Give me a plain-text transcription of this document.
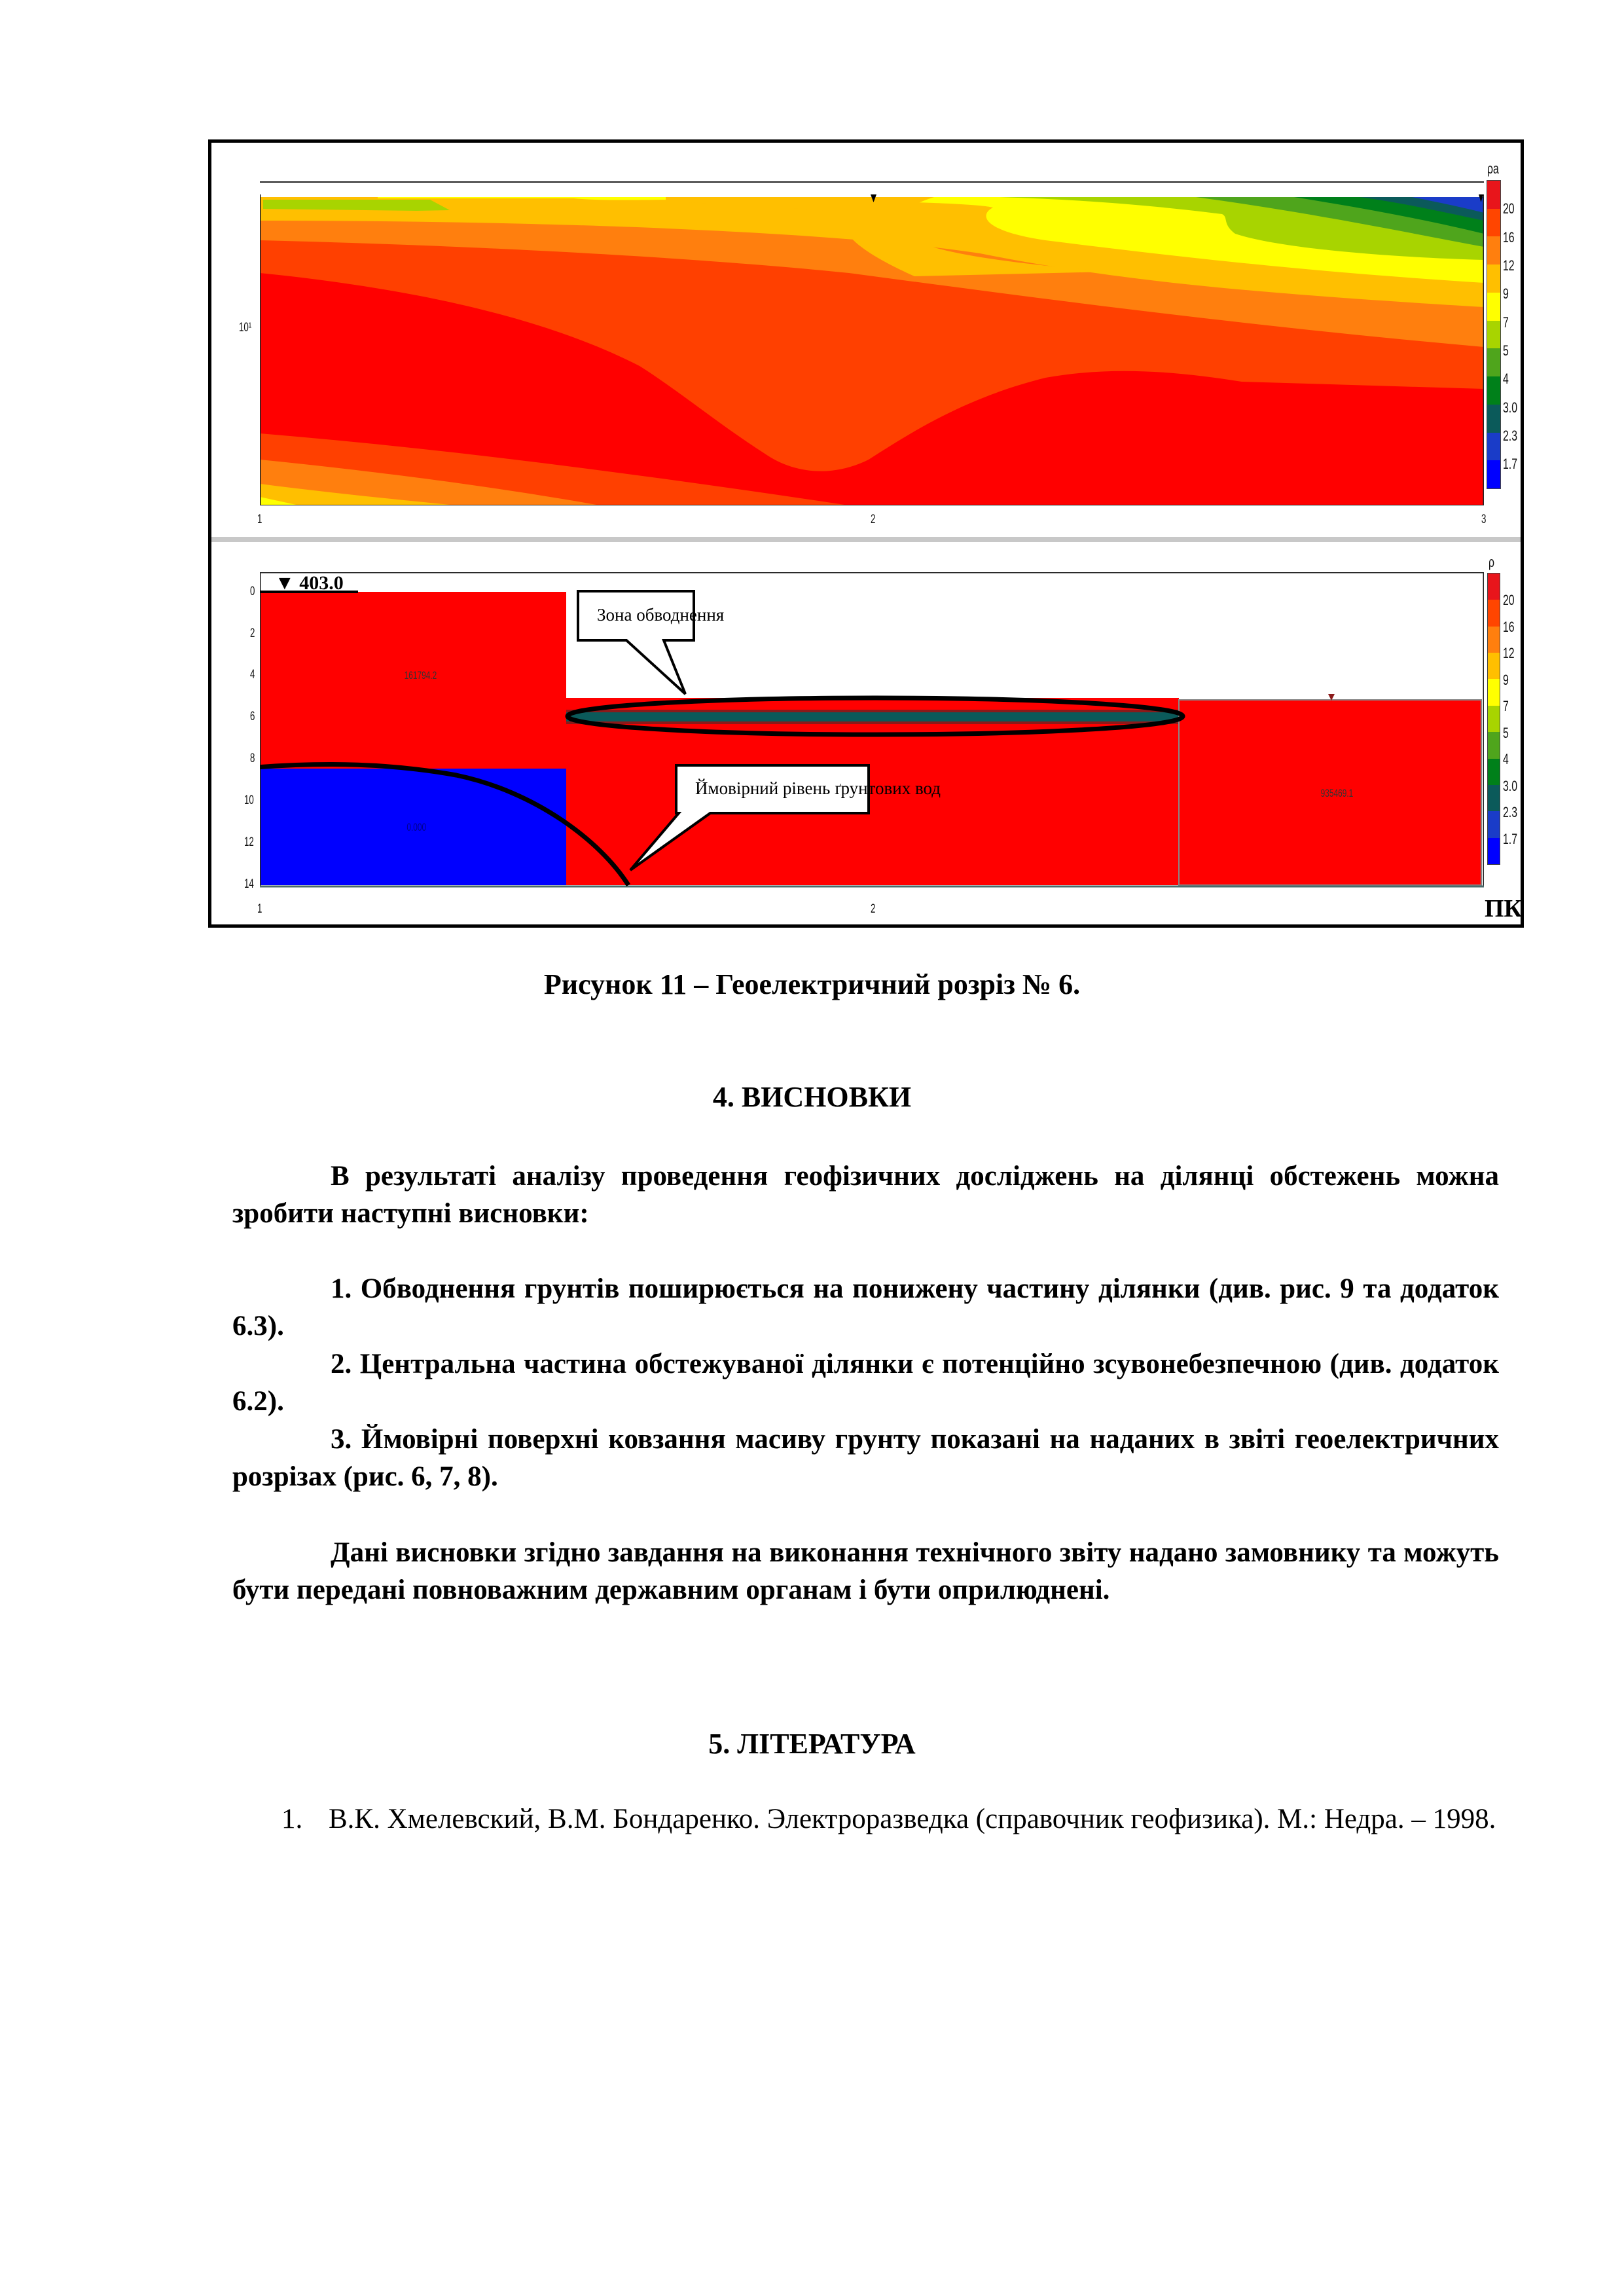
10¹
1	2	3
ρa
20
16
12
9
7
5
4
3.0
2.3
1.7
161794.2
0.000
935469.1
Зона обводнення
Ймовірний рівень ґрунтових вод
▼ 403.0
0
2
4
6
8
10
12
14
1	2	ПК
ρ
20
16
12
9
7
5
4
3.0
2.3
1.7
Рисунок 11 – Геоелектричний розріз № 6.
4. ВИСНОВКИ
В результаті аналізу проведення геофізичних досліджень на ділянці обстежень можна зробити наступні висновки:
1. Обводнення грунтів поширюється на понижену частину ділянки (див. рис. 9 та додаток 6.3).
2. Центральна частина обстежуваної ділянки є потенційно зсувонебезпечною (див. додаток 6.2).
3. Ймовірні поверхні ковзання масиву грунту показані на наданих в звіті геоелектричних розрізах (рис. 6, 7, 8).
Дані висновки згідно завдання на виконання технічного звіту надано замовнику та можуть бути передані повноважним державним органам і бути оприлюднені.
5. ЛІТЕРАТУРА
1. В.К. Хмелевский, В.М. Бондаренко. Электроразведка (справочник геофизика). М.: Недра. – 1998.
